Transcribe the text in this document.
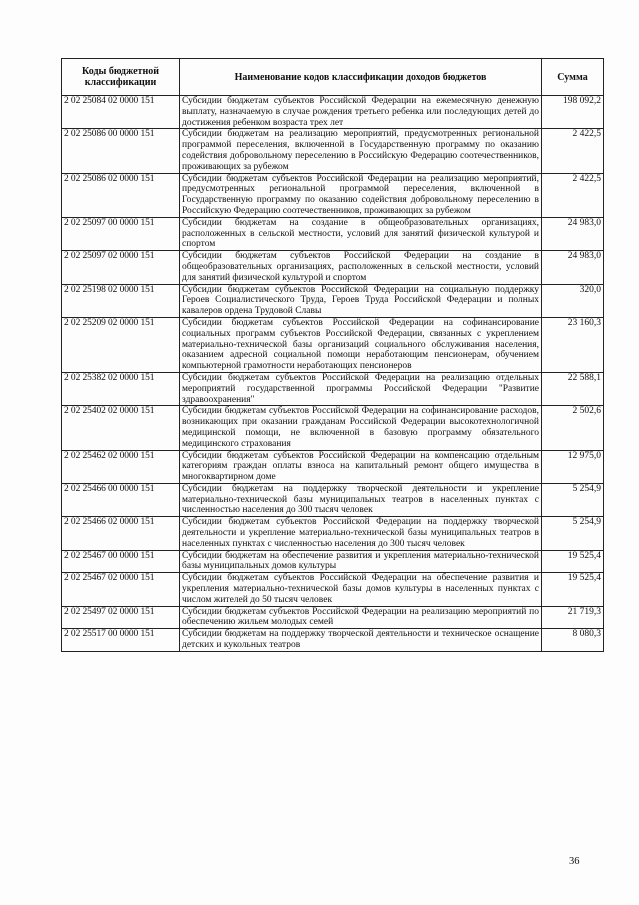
Коды бюджетной классификации	Наименование кодов классификации доходов бюджетов	Сумма
2 02 25084 02 0000 151	Субсидии бюджетам субъектов Российской Федерации на ежемесячную денежную выплату, назначаемую в случае рождения третьего ребенка или последующих детей до достижения ребенком возраста трех лет	198 092,2
2 02 25086 00 0000 151	Субсидии бюджетам на реализацию мероприятий, предусмотренных региональной программой переселения, включенной в Государственную программу по оказанию содействия добровольному переселению в Российскую Федерацию соотечественников, проживающих за рубежом	2 422,5
2 02 25086 02 0000 151	Субсидии бюджетам субъектов Российской Федерации на реализацию мероприятий, предусмотренных региональной программой переселения, включенной в Государственную программу по оказанию содействия добровольному переселению в Российскую Федерацию соотечественников, проживающих за рубежом	2 422,5
2 02 25097 00 0000 151	Субсидии бюджетам на создание в общеобразовательных организациях, расположенных в сельской местности, условий для занятий физической культурой и спортом	24 983,0
2 02 25097 02 0000 151	Субсидии бюджетам субъектов Российской Федерации на создание в общеобразовательных организациях, расположенных в сельской местности, условий для занятий физической культурой и спортом	24 983,0
2 02 25198 02 0000 151	Субсидии бюджетам субъектов Российской Федерации на социальную поддержку Героев Социалистического Труда, Героев Труда Российской Федерации и полных кавалеров ордена Трудовой Славы	320,0
2 02 25209 02 0000 151	Субсидии бюджетам субъектов Российской Федерации на софинансирование социальных программ субъектов Российской Федерации, связанных с укреплением материально-технической базы организаций социального обслуживания населения, оказанием адресной социальной помощи неработающим пенсионерам, обучением компьютерной грамотности неработающих пенсионеров	23 160,3
2 02 25382 02 0000 151	Субсидии бюджетам субъектов Российской Федерации на реализацию отдельных мероприятий государственной программы Российской Федерации "Развитие здравоохранения"	22 588,1
2 02 25402 02 0000 151	Субсидии бюджетам субъектов Российской Федерации на софинансирование расходов, возникающих при оказании гражданам Российской Федерации высокотехнологичной медицинской помощи, не включенной в базовую программу обязательного медицинского страхования	2 502,6
2 02 25462 02 0000 151	Субсидии бюджетам субъектов Российской Федерации на компенсацию отдельным категориям граждан оплаты взноса на капитальный ремонт общего имущества в многоквартирном доме	12 975,0
2 02 25466 00 0000 151	Субсидии бюджетам на поддержку творческой деятельности и укрепление материально-технической базы муниципальных театров в населенных пунктах с численностью населения до 300 тысяч человек	5 254,9
2 02 25466 02 0000 151	Субсидии бюджетам субъектов Российской Федерации на поддержку творческой деятельности и укрепление материально-технической базы муниципальных театров в населенных пунктах с численностью населения до 300 тысяч человек	5 254,9
2 02 25467 00 0000 151	Субсидии бюджетам на обеспечение развития и укрепления материально-технической базы муниципальных домов культуры	19 525,4
2 02 25467 02 0000 151	Субсидии бюджетам субъектов Российской Федерации на обеспечение развития и укрепления материально-технической базы домов культуры в населенных пунктах с числом жителей до 50 тысяч человек	19 525,4
2 02 25497 02 0000 151	Субсидии бюджетам субъектов Российской Федерации на реализацию мероприятий по обеспечению жильем молодых семей	21 719,3
2 02 25517 00 0000 151	Субсидии бюджетам на поддержку творческой деятельности и техническое оснащение детских и кукольных театров	8 080,3
36
